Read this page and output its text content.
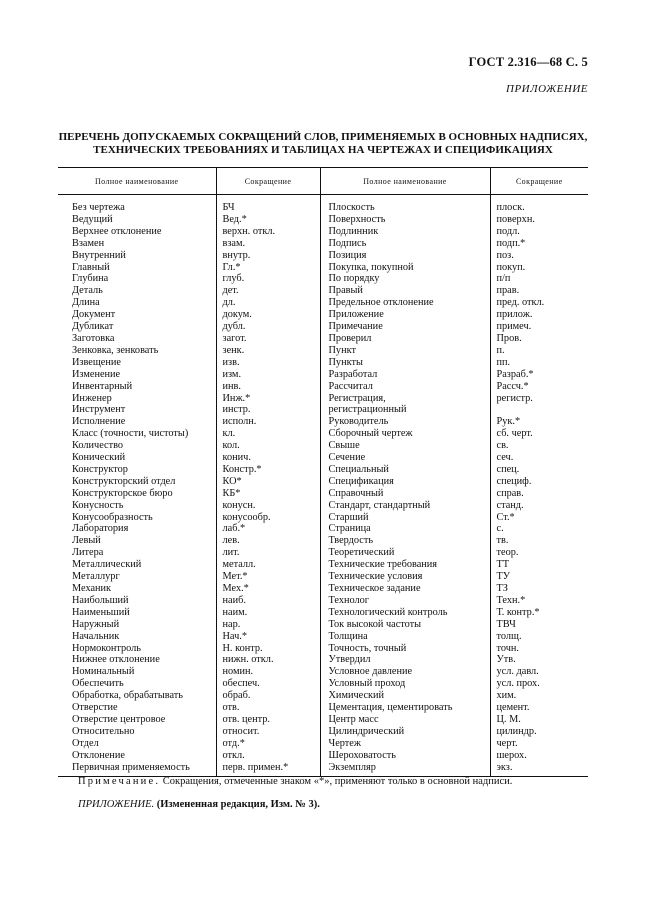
ГОСТ 2.316—68 С. 5
ПРИЛОЖЕНИЕ
ПЕРЕЧЕНЬ ДОПУСКАЕМЫХ СОКРАЩЕНИЙ СЛОВ, ПРИМЕНЯЕМЫХ В ОСНОВНЫХ НАДПИСЯХ,
ТЕХНИЧЕСКИХ ТРЕБОВАНИЯХ И ТАБЛИЦАХ НА ЧЕРТЕЖАХ И СПЕЦИФИКАЦИЯХ
Полное наименование	Сокращение	Полное наименование	Сокращение

Без чертежа	БЧ	Плоскость	плоск.
Ведущий	Вед.*	Поверхность	поверхн.
Верхнее отклонение	верхн. откл.	Подлинник	подл.
Взамен	взам.	Подпись	подп.*
Внутренний	внутр.	Позиция	поз.
Главный	Гл.*	Покупка, покупной	покуп.
Глубина	глуб.	По порядку	п/п
Деталь	дет.	Правый	прав.
Длина	дл.	Предельное отклонение	пред. откл.
Документ	докум.	Приложение	прилож.
Дубликат	дубл.	Примечание	примеч.
Заготовка	загот.	Проверил	Пров.
Зенковка, зенковать	зенк.	Пункт	п.
Извещение	изв.	Пункты	пп.
Изменение	изм.	Разработал	Разраб.*
Инвентарный	инв.	Рассчитал	Рассч.*
Инженер	Инж.*	Регистрация,	регистр.
Инструмент	инстр.	регистрационный	
Исполнение	исполн.	Руководитель	Рук.*
Класс (точности, чистоты)	кл.	Сборочный чертеж	сб. черт.
Количество	кол.	Свыше	св.
Конический	конич.	Сечение	сеч.
Конструктор	Констр.*	Специальный	спец.
Конструкторский отдел	КО*	Спецификация	специф.
Конструкторское бюро	КБ*	Справочный	справ.
Конусность	конусн.	Стандарт, стандартный	станд.
Конусообразность	конусообр.	Старший	Ст.*
Лаборатория	лаб.*	Страница	с.
Левый	лев.	Твердость	тв.
Литера	лит.	Теоретический	теор.
Металлический	металл.	Технические требования	ТТ
Металлург	Мет.*	Технические условия	ТУ
Механик	Мех.*	Техническое задание	ТЗ
Наибольший	наиб.	Технолог	Техн.*
Наименьший	наим.	Технологический контроль	Т. контр.*
Наружный	нар.	Ток высокой частоты	ТВЧ
Начальник	Нач.*	Толщина	толщ.
Нормоконтроль	Н. контр.	Точность, точный	точн.
Нижнее отклонение	нижн. откл.	Утвердил	Утв.
Номинальный	номин.	Условное давление	усл. давл.
Обеспечить	обеспеч.	Условный проход	усл. прох.
Обработка, обрабатывать	обраб.	Химический	хим.
Отверстие	отв.	Цементация, цементировать	цемент.
Отверстие центровое	отв. центр.	Центр масс	Ц. М.
Относительно	относит.	Цилиндрический	цилиндр.
Отдел	отд.*	Чертеж	черт.
Отклонение	откл.	Шероховатость	шерох.
Первичная применяемость	перв. примен.*	Экземпляр	экз.
Примечание. Сокращения, отмеченные знаком «*», применяют только в основной надписи.
ПРИЛОЖЕНИЕ. (Измененная редакция, Изм. № 3).
